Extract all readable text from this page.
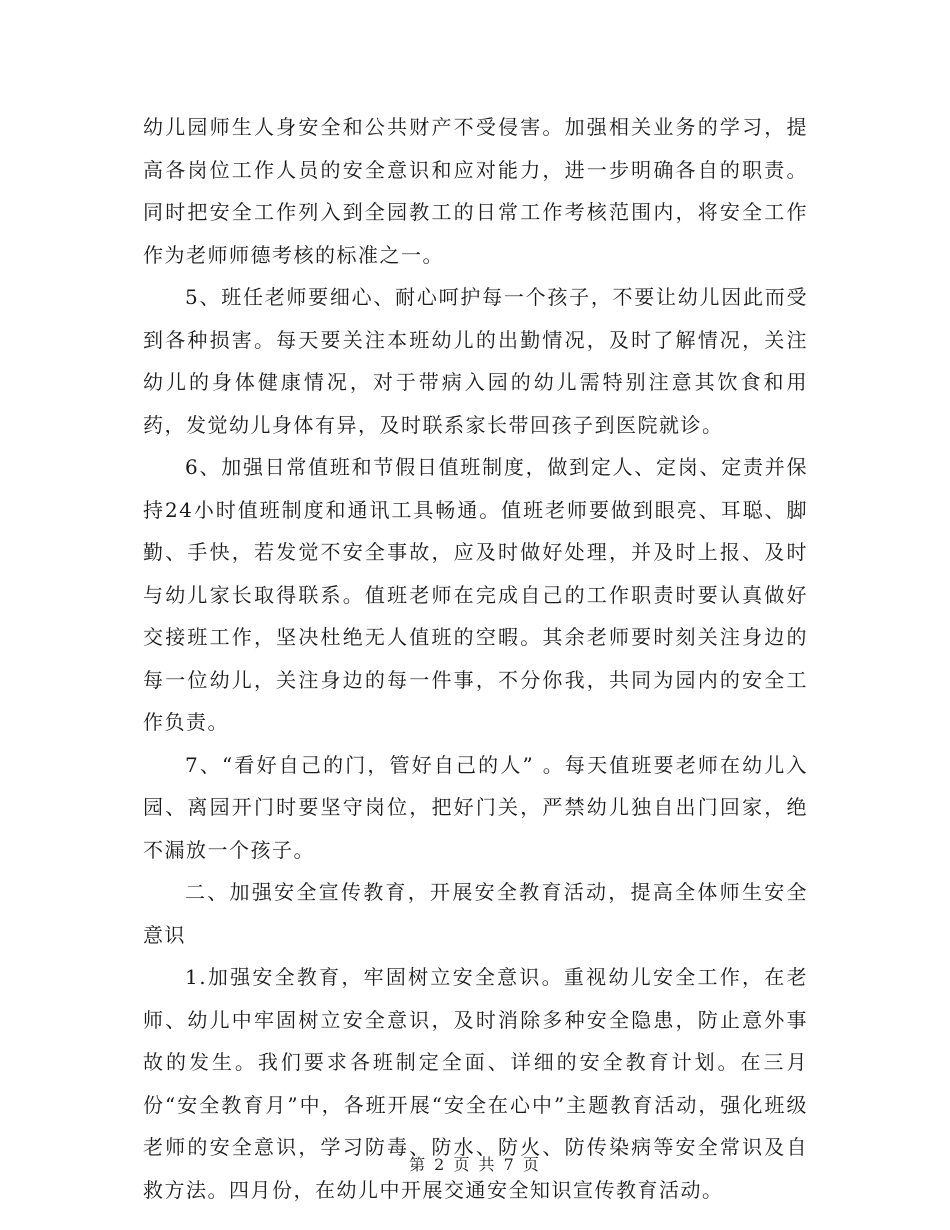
幼儿园师生人身安全和公共财产不受侵害。加强相关业务的学习，提高各岗位工作人员的安全意识和应对能力，进一步明确各自的职责。同时把安全工作列入到全园教工的日常工作考核范围内，将安全工作作为老师师德考核的标准之一。

5、班任老师要细心、耐心呵护每一个孩子，不要让幼儿因此而受到各种损害。每天要关注本班幼儿的出勤情况，及时了解情况，关注幼儿的身体健康情况，对于带病入园的幼儿需特别注意其饮食和用药，发觉幼儿身体有异，及时联系家长带回孩子到医院就诊。

6、加强日常值班和节假日值班制度，做到定人、定岗、定责并保持24小时值班制度和通讯工具畅通。值班老师要做到眼亮、耳聪、脚勤、手快，若发觉不安全事故，应及时做好处理，并及时上报、及时与幼儿家长取得联系。值班老师在完成自己的工作职责时要认真做好交接班工作，坚决杜绝无人值班的空暇。其余老师要时刻关注身边的每一位幼儿，关注身边的每一件事，不分你我，共同为园内的安全工作负责。

7、“看好自己的门，管好自己的人” 。每天值班要老师在幼儿入园、离园开门时要坚守岗位，把好门关，严禁幼儿独自出门回家，绝不漏放一个孩子。

二、加强安全宣传教育，开展安全教育活动，提高全体师生安全意识

1.加强安全教育，牢固树立安全意识。重视幼儿安全工作，在老师、幼儿中牢固树立安全意识，及时消除多种安全隐患，防止意外事故的发生。我们要求各班制定全面、详细的安全教育计划。在三月份“安全教育月”中，各班开展“安全在心中”主题教育活动，强化班级老师的安全意识，学习防毒、防水、防火、防传染病等安全常识及自救方法。四月份，在幼儿中开展交通安全知识宣传教育活动。

第 2 页 共 7 页
